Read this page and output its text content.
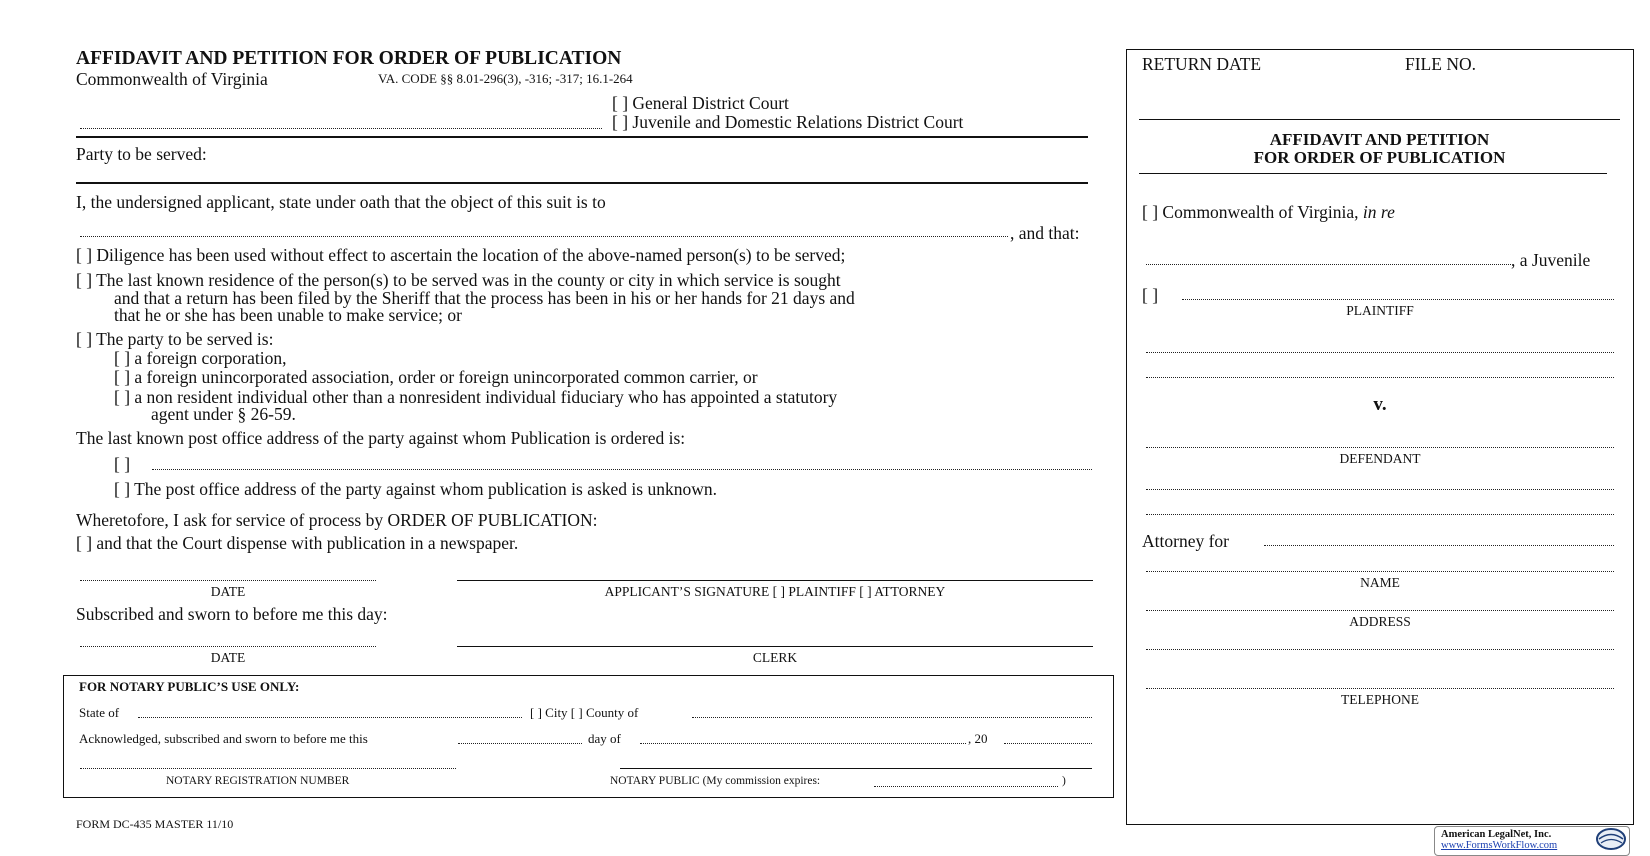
AFFIDAVIT AND PETITION FOR ORDER OF PUBLICATION
Commonwealth of Virginia	VA. CODE §§ 8.01-296(3), -316; -317; 16.1-264
[ ] General District Court
[ ] Juvenile and Domestic Relations District Court
Party to be served:
I, the undersigned applicant, state under oath that the object of this suit is to
, and that:
[ ] Diligence has been used without effect to ascertain the location of the above-named person(s) to be served;
[ ] The last known residence of the person(s) to be served was in the county or city in which service is sought
and that a return has been filed by the Sheriff that the process has been in his or her hands for 21 days and
that he or she has been unable to make service; or
[ ] The party to be served is:
[ ] a foreign corporation,
[ ] a foreign unincorporated association, order or foreign unincorporated common carrier, or
[ ] a non resident individual other than a nonresident individual fiduciary who has appointed a statutory
agent under § 26-59.
The last known post office address of the party against whom Publication is ordered is:
[ ]
[ ] The post office address of the party against whom publication is asked is unknown.
Wheretofore, I ask for service of process by ORDER OF PUBLICATION:
[ ] and that the Court dispense with publication in a newspaper.
DATE	APPLICANT’S SIGNATURE [ ] PLAINTIFF [ ] ATTORNEY
Subscribed and sworn to before me this day:
DATE	CLERK
FOR NOTARY PUBLIC’S USE ONLY:
State of	[ ] City [ ] County of
Acknowledged, subscribed and sworn to before me this	day of	, 20
NOTARY REGISTRATION NUMBER	NOTARY PUBLIC (My commission expires:	)
FORM DC-435 MASTER 11/10
RETURN DATE	FILE NO.
AFFIDAVIT AND PETITION
FOR ORDER OF PUBLICATION
[ ] Commonwealth of Virginia, in re
, a Juvenile
[ ]
PLAINTIFF
v.
DEFENDANT
Attorney for
NAME
ADDRESS
TELEPHONE
American LegalNet, Inc.
www.FormsWorkFlow.com
